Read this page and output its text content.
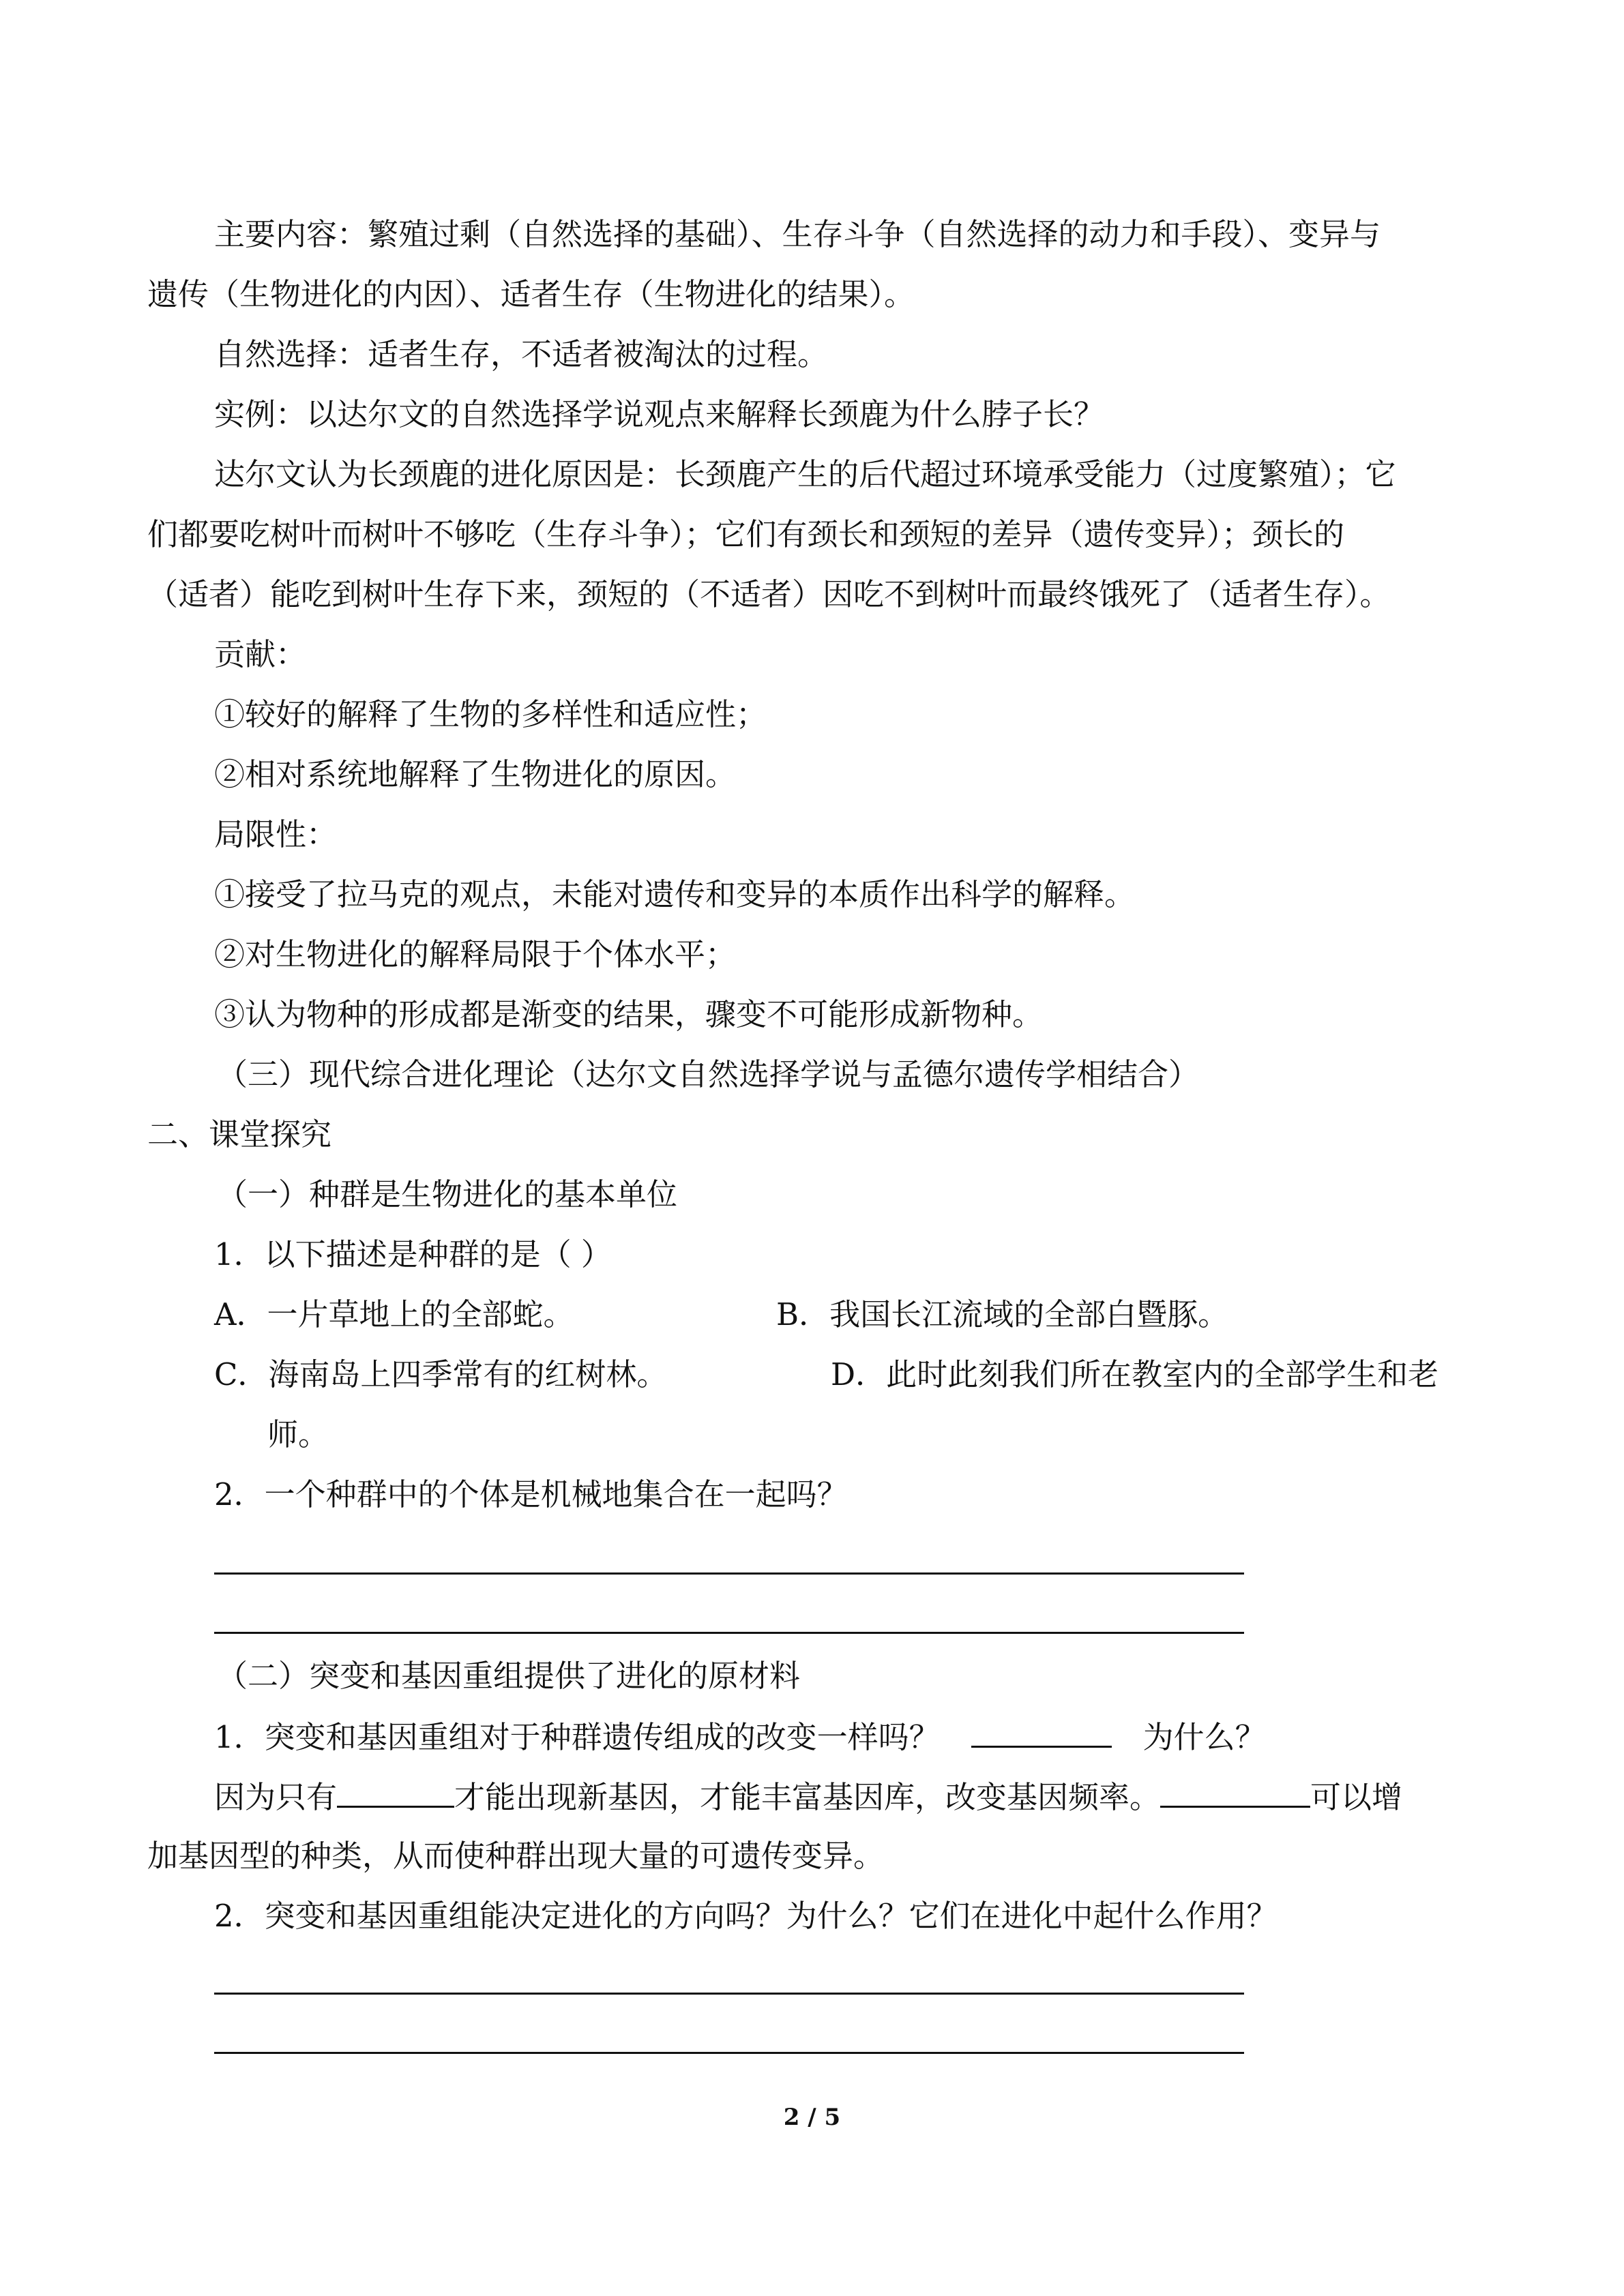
主要内容：繁殖过剩（自然选择的基础）、生存斗争（自然选择的动力和手段）、变异与
遗传（生物进化的内因）、适者生存（生物进化的结果）。
自然选择：适者生存，不适者被淘汰的过程。
实例：以达尔文的自然选择学说观点来解释长颈鹿为什么脖子长？
达尔文认为长颈鹿的进化原因是：长颈鹿产生的后代超过环境承受能力（过度繁殖）；它
们都要吃树叶而树叶不够吃（生存斗争）；它们有颈长和颈短的差异（遗传变异）；颈长的
（适者）能吃到树叶生存下来，颈短的（不适者）因吃不到树叶而最终饿死了（适者生存）。
贡献：
①较好的解释了生物的多样性和适应性；
②相对系统地解释了生物进化的原因。
局限性：
①接受了拉马克的观点，未能对遗传和变异的本质作出科学的解释。
②对生物进化的解释局限于个体水平；
③认为物种的形成都是渐变的结果，骤变不可能形成新物种。
（三）现代综合进化理论（达尔文自然选择学说与孟德尔遗传学相结合）
二、课堂探究
（一）种群是生物进化的基本单位
1．以下描述是种群的是（ ）
A．一片草地上的全部蛇。	B．我国长江流域的全部白暨豚。
C．海南岛上四季常有的红树林。	D．此时此刻我们所在教室内的全部学生和老
师。
2．一个种群中的个体是机械地集合在一起吗？
（二）突变和基因重组提供了进化的原材料
1．突变和基因重组对于种群遗传组成的改变一样吗？	为什么？
因为只有	才能出现新基因，才能丰富基因库，改变基因频率。	可以增
加基因型的种类，从而使种群出现大量的可遗传变异。
2．突变和基因重组能决定进化的方向吗？为什么？它们在进化中起什么作用？
2 / 5
